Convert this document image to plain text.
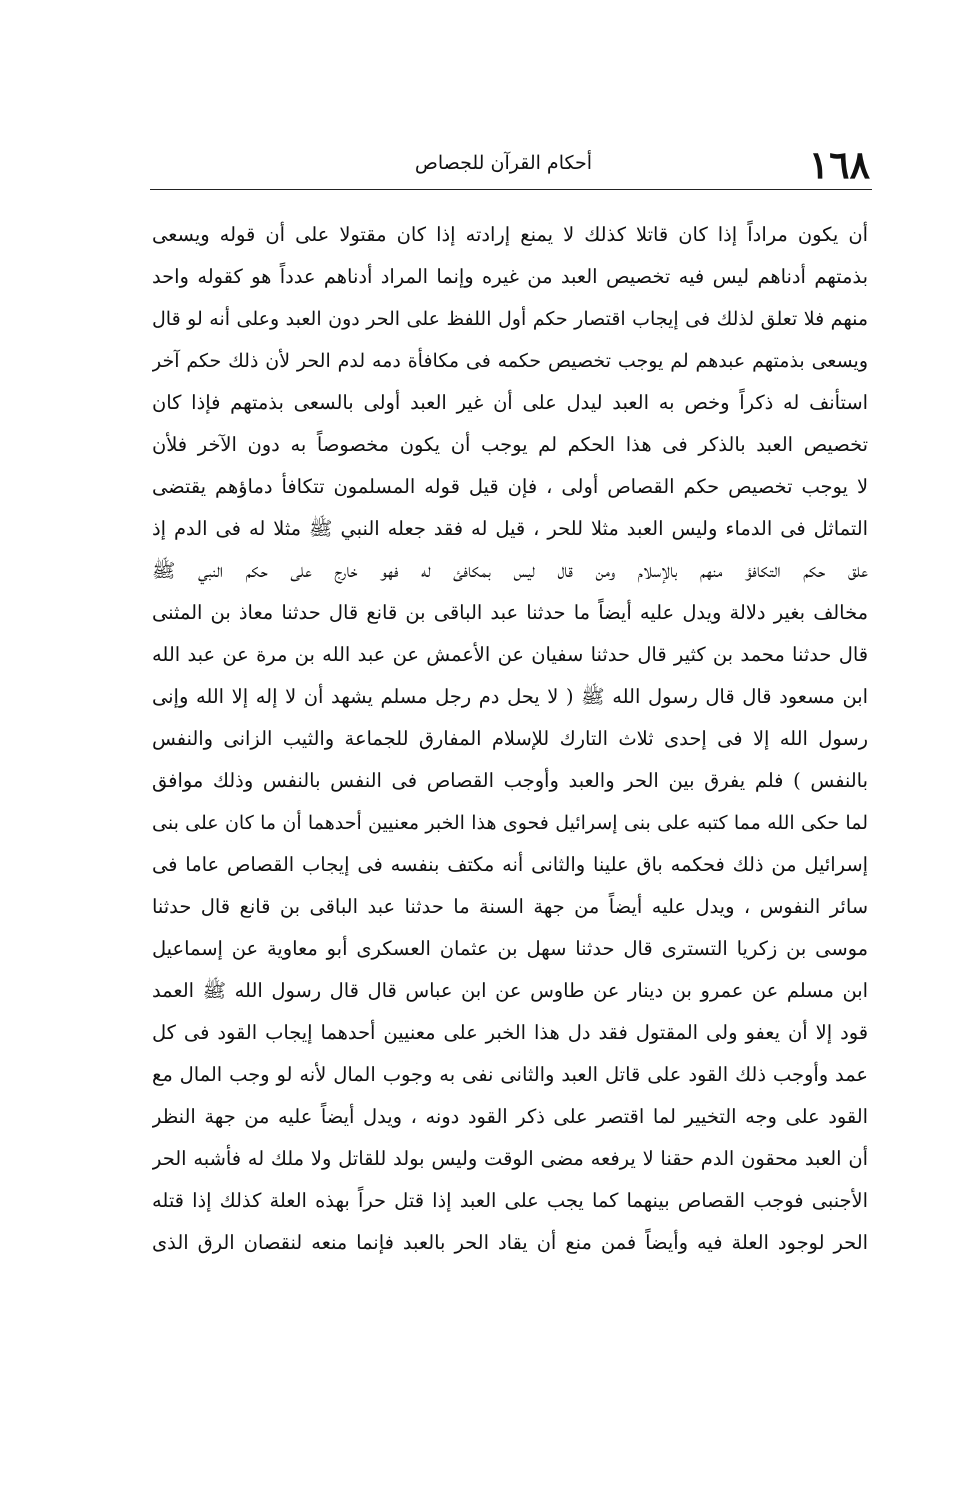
١٦٨
أحكام القرآن للجصاص
أن يكون مراداً إذا كان قاتلا كذلك لا يمنع إرادته إذا كان مقتولا على أن قوله ويسعى
بذمتهم أدناهم ليس فيه تخصيص العبد من غيره وإنما المراد أدناهم عدداً هو كقوله واحد
منهم فلا تعلق لذلك فى إيجاب اقتصار حكم أول اللفظ على الحر دون العبد وعلى أنه لو قال
ويسعى بذمتهم عبدهم لم يوجب تخصيص حكمه فى مكافأة دمه لدم الحر لأن ذلك حكم آخر
استأنف له ذكراً وخص به العبد ليدل على أن غير العبد أولى بالسعى بذمتهم فإذا كان
تخصيص العبد بالذكر فى هذا الحكم لم يوجب أن يكون مخصوصاً به دون الآخر فلأن
لا يوجب تخصيص حكم القصاص أولى ، فإن قيل قوله المسلمون تتكافأ دماؤهم يقتضى
التماثل فى الدماء وليس العبد مثلا للحر ، قيل له فقد جعله النبي ﷺ مثلا له فى الدم إذ
علق حكم التكافؤ منهم بالإسلام ومن قال ليس بمكافئ له فهو خارج على حكم النبي ﷺ
مخالف بغير دلالة ويدل عليه أيضاً ما حدثنا عبد الباقى بن قانع قال حدثنا معاذ بن المثنى
قال حدثنا محمد بن كثير قال حدثنا سفيان عن الأعمش عن عبد الله بن مرة عن عبد الله
ابن مسعود قال قال رسول الله ﷺ ( لا يحل دم رجل مسلم يشهد أن لا إله إلا الله وإنى
رسول الله إلا فى إحدى ثلاث التارك للإسلام المفارق للجماعة والثيب الزانى والنفس
بالنفس ) فلم يفرق بين الحر والعبد وأوجب القصاص فى النفس بالنفس وذلك موافق
لما حكى الله مما كتبه على بنى إسرائيل فحوى هذا الخبر معنيين أحدهما أن ما كان على بنى
إسرائيل من ذلك فحكمه باق علينا والثانى أنه مكتف بنفسه فى إيجاب القصاص عاما فى
سائر النفوس ، ويدل عليه أيضاً من جهة السنة ما حدثنا عبد الباقى بن قانع قال حدثنا
موسى بن زكريا التسترى قال حدثنا سهل بن عثمان العسكرى أبو معاوية عن إسماعيل
ابن مسلم عن عمرو بن دينار عن طاوس عن ابن عباس قال قال رسول الله ﷺ العمد
قود إلا أن يعفو ولى المقتول فقد دل هذا الخبر على معنيين أحدهما إيجاب القود فى كل
عمد وأوجب ذلك القود على قاتل العبد والثانى نفى به وجوب المال لأنه لو وجب المال مع
القود على وجه التخيير لما اقتصر على ذكر القود دونه ، ويدل أيضاً عليه من جهة النظر
أن العبد محقون الدم حقنا لا يرفعه مضى الوقت وليس بولد للقاتل ولا ملك له فأشبه الحر
الأجنبى فوجب القصاص بينهما كما يجب على العبد إذا قتل حراً بهذه العلة كذلك إذا قتله
الحر لوجود العلة فيه وأيضاً فمن منع أن يقاد الحر بالعبد فإنما منعه لنقصان الرق الذى
